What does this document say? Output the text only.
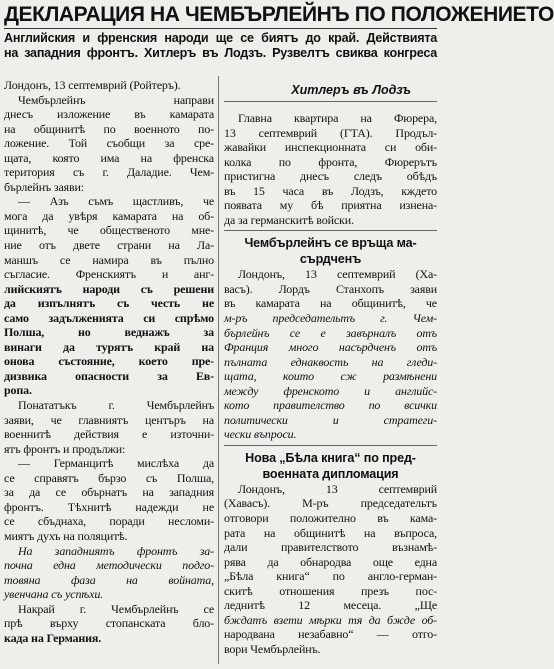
ДЕКЛАРАЦИЯ НА ЧЕМБЪРЛЕЙНЪ ПО ПОЛОЖЕНИЕТО
Английския и френския народи ще се биятъ до край. Действията
на западния фронтъ. Хитлеръ въ Лодзъ. Рузвелтъ свиква конгреса
Лондонъ, 13 септемврий (Ройтеръ).
Чембърлейнъ направи
днесъ изложение въ камарата
на общинитѣ по военното по-
ложение. Той съобщи за сре-
щата, която има на френска
територия съ г. Даладие. Чем-
бърлейнъ заяви:
— Азъ съмъ щастливъ, че
мога да увѣря камарата на об-
щинитѣ, че общественото мне-
ние отъ двете страни на Ла-
маншъ се намира въ пълно
съгласие. Френскиятъ и анг-
лийскиятъ народи съ решени
да изпълнятъ съ честь не
само задълженията си спрѣмо
Полша, но веднажъ за
винаги да турятъ край на
онова състояние, което пре-
дизвика опасности за Ев-
ропа.
Понататъкъ г. Чембърлейнъ
заяви, че главниятъ центъръ на
военнитѣ действия е източни-
ятъ фронтъ и продължи:
— Германцитѣ мислѣха да
се справятъ бързо съ Полша,
за да се обърнатъ на западния
фронтъ. Тѣхнитѣ надежди не
се сбъднаха, поради несломи-
миятъ духъ на поляцитѣ.
На западниятъ фронтъ за-
почна една методически подго-
товяна фаза на войната,
увенчана съ успѣхи.
Накрай г. Чембърлейнъ се
прѣ върху стопанската бло-
када на Германия.
Хитлеръ въ Лодзъ
Главна квартира на Фюрера,
13 септемврий (ГТА). Продъл-
жавайки инспекционната си оби-
колка по фронта, Фюрерътъ
пристигна днесъ следъ обѣдъ
въ 15 часа въ Лодзъ, кждето
появата му бѣ приятна изнена-
да за германскитѣ войски.
Чембърлейнъ се връща ма-
сърдченъ
Лондонъ, 13 септемврий (Ха-
васъ). Лордъ Станхопъ заяви
въ камарата на общинитѣ, че
м-ръ председательтъ г. Чем-
бърлейнъ се е завърналъ отъ
Франция много насърдченъ отъ
пълната еднаквость на гледи-
щата, които сж размѣнени
между френското и английс-
кото правителство по всички
политически и стратеги-
чески въпроси.
Нова „Бѣла книга“ по пред-
военната дипломация
Лондонъ, 13 септемврий
(Хавасъ). М-ръ председательтъ
отговори положително въ кама-
рата на общинитѣ на въпроса,
дали правителството възнамѣ-
рява да обнародва още една
„Бѣла книга“ по англо-герман-
скитѣ отношения презъ пос-
леднитѣ 12 месеца. „Ще
бждатъ взети мѣрки тя да бжде об-
народвана незабавно“ — отго-
вори Чембърлейнъ.
